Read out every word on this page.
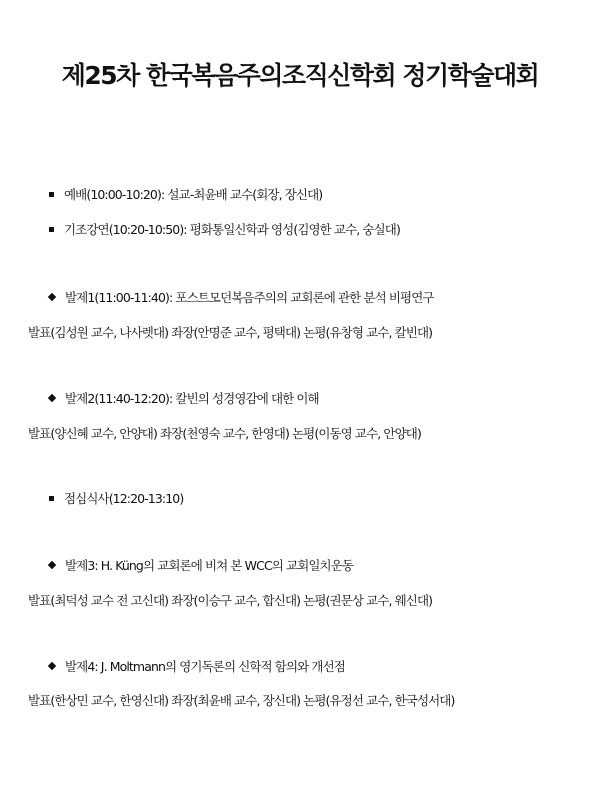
제25차 한국복음주의조직신학회 정기학술대회
예배(10:00-10:20): 설교-최윤배 교수(회장, 장신대)
기조강연(10:20-10:50): 평화통일신학과 영성(김영한 교수, 숭실대)
발제1(11:00-11:40): 포스트모던복음주의의 교회론에 관한 분석 비평연구
발표(김성원 교수, 나사렛대) 좌장(안명준 교수, 평택대) 논평(유창형 교수, 칼빈대)
발제2(11:40-12:20): 칼빈의 성경영감에 대한 이해
발표(양신혜 교수, 안양대) 좌장(천영숙 교수, 한영대) 논평(이동영 교수, 안양대)
점심식사(12:20-13:10)
발제3: H. Küng의 교회론에 비쳐 본 WCC의 교회일치운동
발표(최덕성 교수 전 고신대) 좌장(이승구 교수, 합신대) 논평(권문상 교수, 웨신대)
발제4: J. Moltmann의 영기독론의 신학적 함의와 개선점
발표(한상민 교수, 한영신대) 좌장(최윤배 교수, 장신대) 논평(유정선 교수, 한국성서대)
